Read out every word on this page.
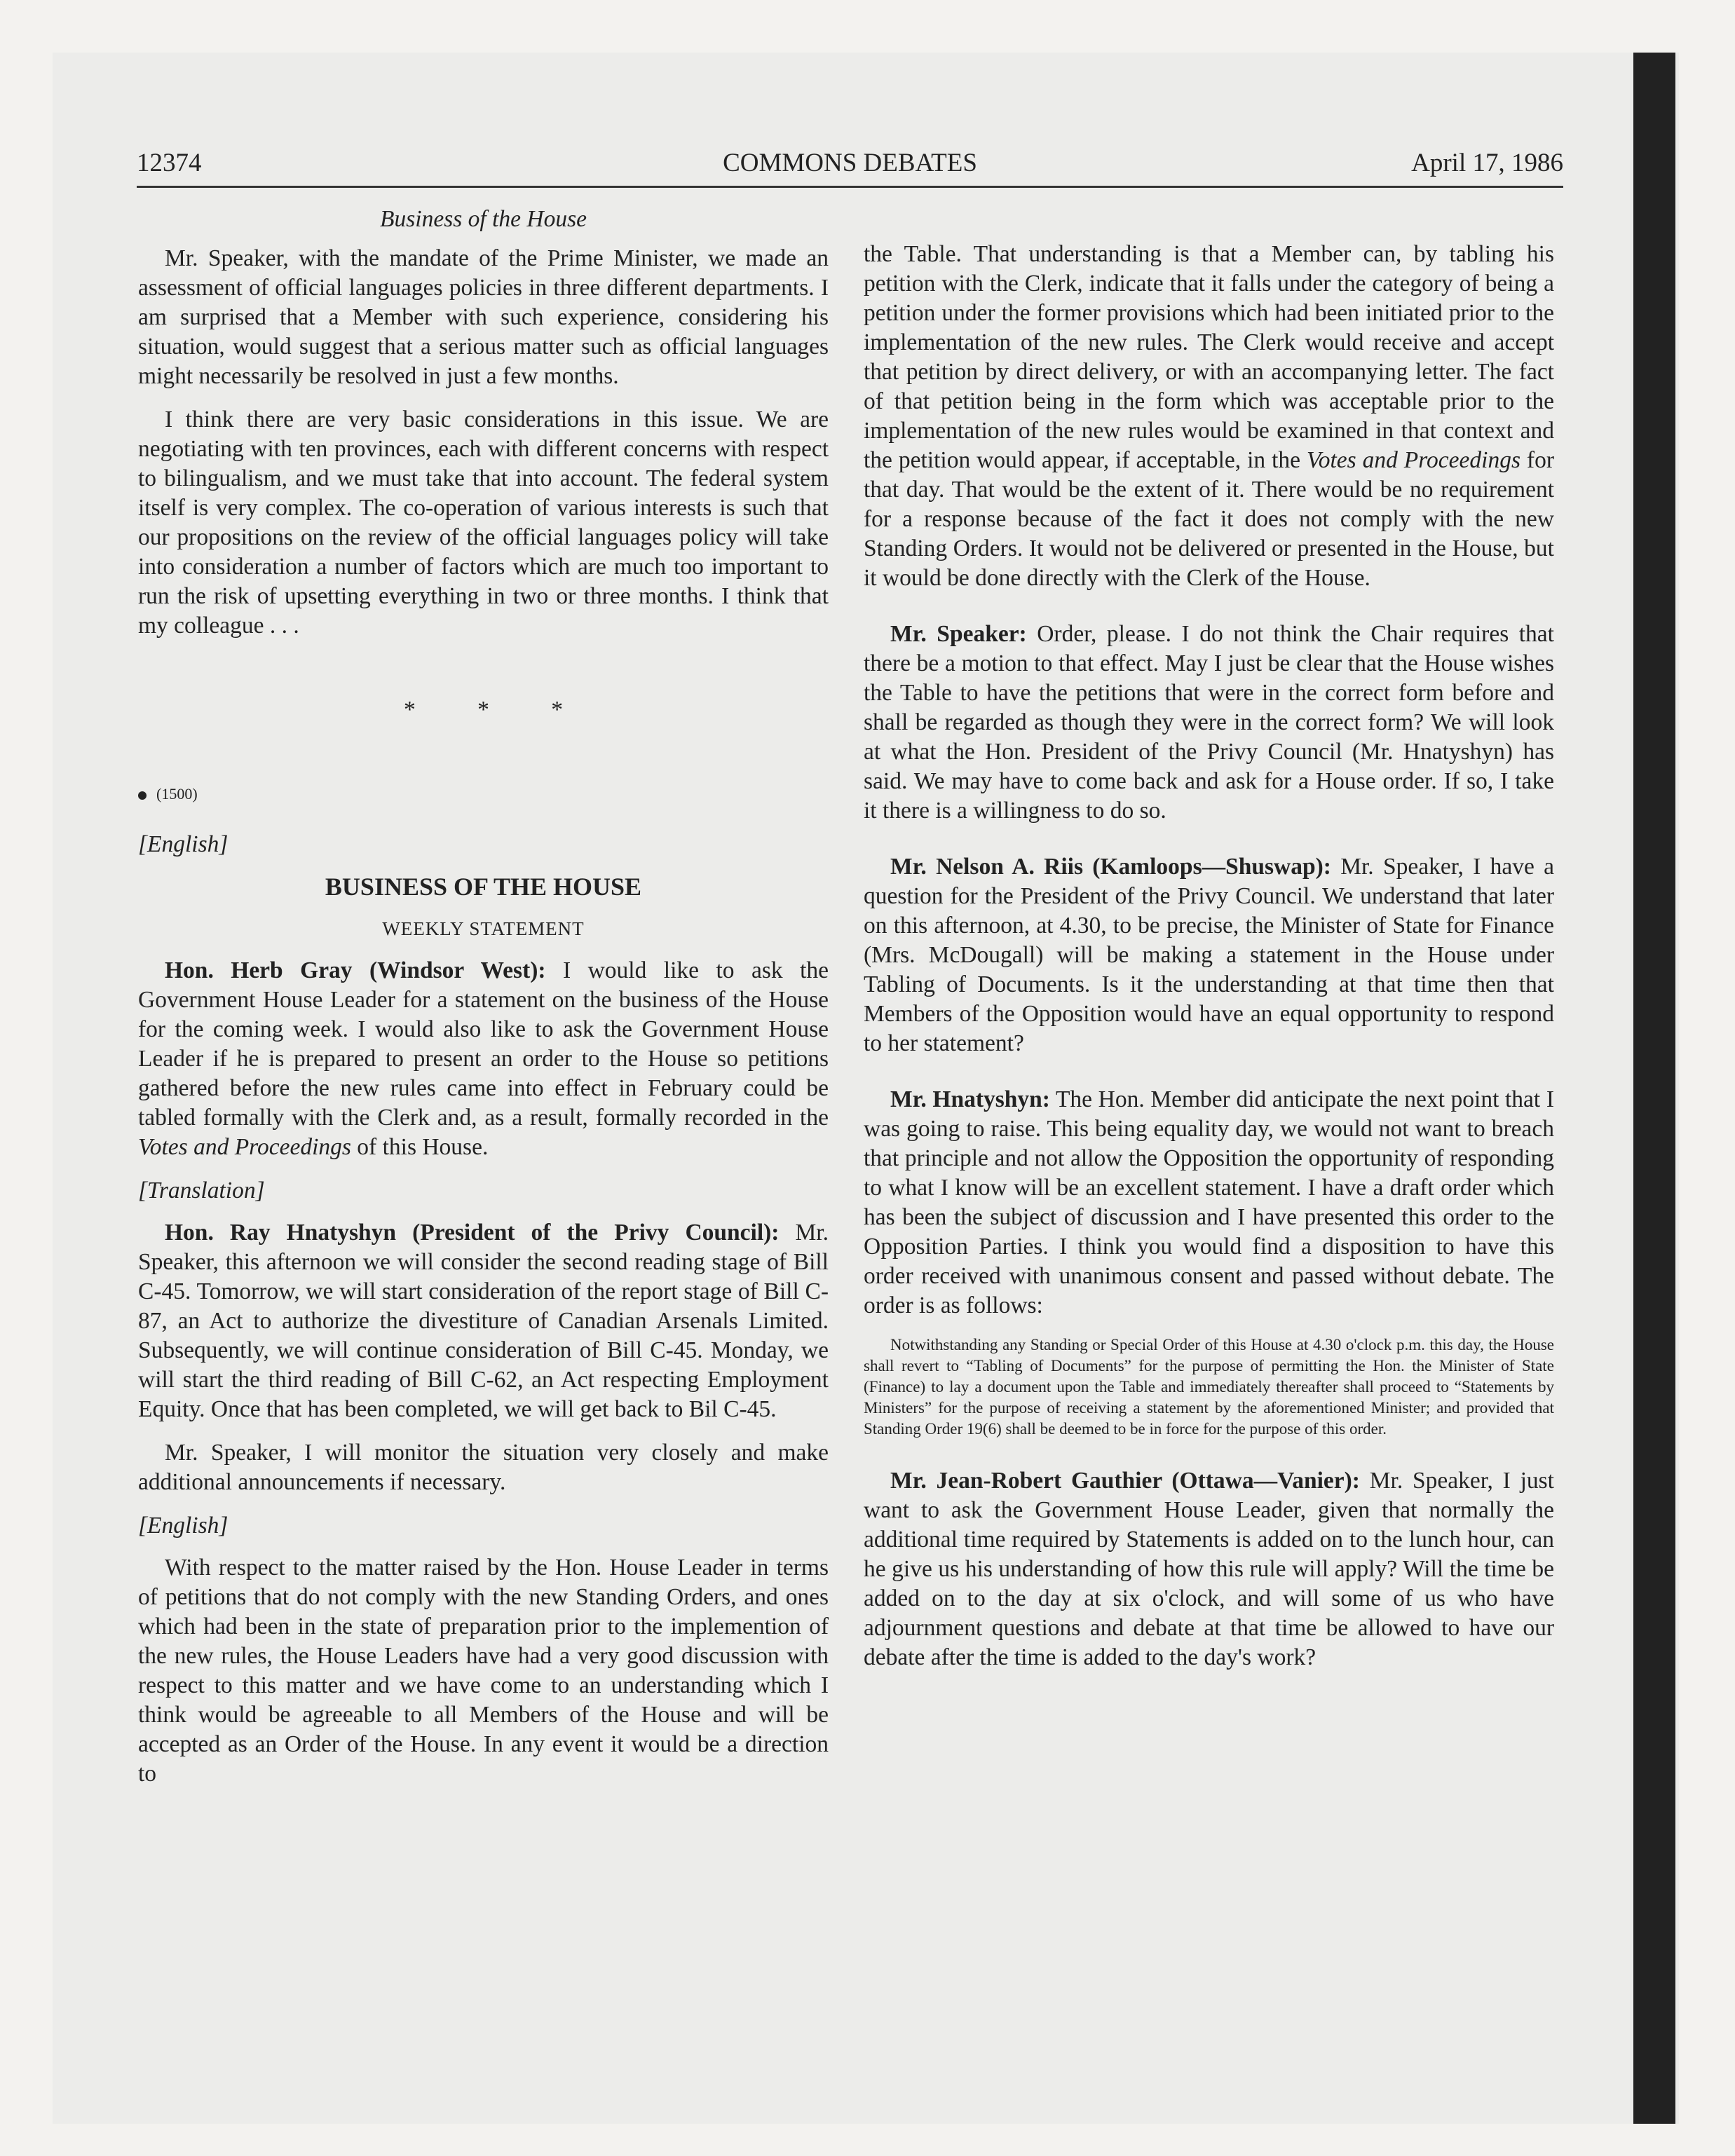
12374	COMMONS DEBATES	April 17, 1986
Business of the House

Mr. Speaker, with the mandate of the Prime Minister, we made an assessment of official languages policies in three different departments. I am surprised that a Member with such experience, considering his situation, would suggest that a serious matter such as official languages might necessarily be resolved in just a few months.

I think there are very basic considerations in this issue. We are negotiating with ten provinces, each with different concerns with respect to bilingualism, and we must take that into account. The federal system itself is very complex. The co-operation of various interests is such that our propositions on the review of the official languages policy will take into consideration a number of factors which are much too important to run the risk of upsetting everything in two or three months. I think that my colleague . . .

* * *
(1500)
[English]
BUSINESS OF THE HOUSE
WEEKLY STATEMENT

Hon. Herb Gray (Windsor West): I would like to ask the Government House Leader for a statement on the business of the House for the coming week. I would also like to ask the Government House Leader if he is prepared to present an order to the House so petitions gathered before the new rules came into effect in February could be tabled formally with the Clerk and, as a result, formally recorded in the Votes and Proceedings of this House.

[Translation]

Hon. Ray Hnatyshyn (President of the Privy Council): Mr. Speaker, this afternoon we will consider the second reading stage of Bill C-45. Tomorrow, we will start consideration of the report stage of Bill C-87, an Act to authorize the divestiture of Canadian Arsenals Limited. Subsequently, we will continue consideration of Bill C-45. Monday, we will start the third reading of Bill C-62, an Act respecting Employment Equity. Once that has been completed, we will get back to Bil C-45.

Mr. Speaker, I will monitor the situation very closely and make additional announcements if necessary.

[English]

With respect to the matter raised by the Hon. House Leader in terms of petitions that do not comply with the new Standing Orders, and ones which had been in the state of preparation prior to the implemention of the new rules, the House Leaders have had a very good discussion with respect to this matter and we have come to an understanding which I think would be agreeable to all Members of the House and will be accepted as an Order of the House. In any event it would be a direction to

the Table. That understanding is that a Member can, by tabling his petition with the Clerk, indicate that it falls under the category of being a petition under the former provisions which had been initiated prior to the implementation of the new rules. The Clerk would receive and accept that petition by direct delivery, or with an accompanying letter. The fact of that petition being in the form which was acceptable prior to the implementation of the new rules would be examined in that context and the petition would appear, if acceptable, in the Votes and Proceedings for that day. That would be the extent of it. There would be no requirement for a response because of the fact it does not comply with the new Standing Orders. It would not be delivered or presented in the House, but it would be done directly with the Clerk of the House.

Mr. Speaker: Order, please. I do not think the Chair requires that there be a motion to that effect. May I just be clear that the House wishes the Table to have the petitions that were in the correct form before and shall be regarded as though they were in the correct form? We will look at what the Hon. President of the Privy Council (Mr. Hnatyshyn) has said. We may have to come back and ask for a House order. If so, I take it there is a willingness to do so.

Mr. Nelson A. Riis (Kamloops—Shuswap): Mr. Speaker, I have a question for the President of the Privy Council. We understand that later on this afternoon, at 4.30, to be precise, the Minister of State for Finance (Mrs. McDougall) will be making a statement in the House under Tabling of Documents. Is it the understanding at that time then that Members of the Opposition would have an equal opportunity to respond to her statement?

Mr. Hnatyshyn: The Hon. Member did anticipate the next point that I was going to raise. This being equality day, we would not want to breach that principle and not allow the Opposition the opportunity of responding to what I know will be an excellent statement. I have a draft order which has been the subject of discussion and I have presented this order to the Opposition Parties. I think you would find a disposition to have this order received with unanimous consent and passed without debate. The order is as follows:

Notwithstanding any Standing or Special Order of this House at 4.30 o'clock p.m. this day, the House shall revert to “Tabling of Documents” for the purpose of permitting the Hon. the Minister of State (Finance) to lay a document upon the Table and immediately thereafter shall proceed to “Statements by Ministers” for the purpose of receiving a statement by the aforementioned Minister; and provided that Standing Order 19(6) shall be deemed to be in force for the purpose of this order.

Mr. Jean-Robert Gauthier (Ottawa—Vanier): Mr. Speaker, I just want to ask the Government House Leader, given that normally the additional time required by Statements is added on to the lunch hour, can he give us his understanding of how this rule will apply? Will the time be added on to the day at six o'clock, and will some of us who have adjournment questions and debate at that time be allowed to have our debate after the time is added to the day's work?
